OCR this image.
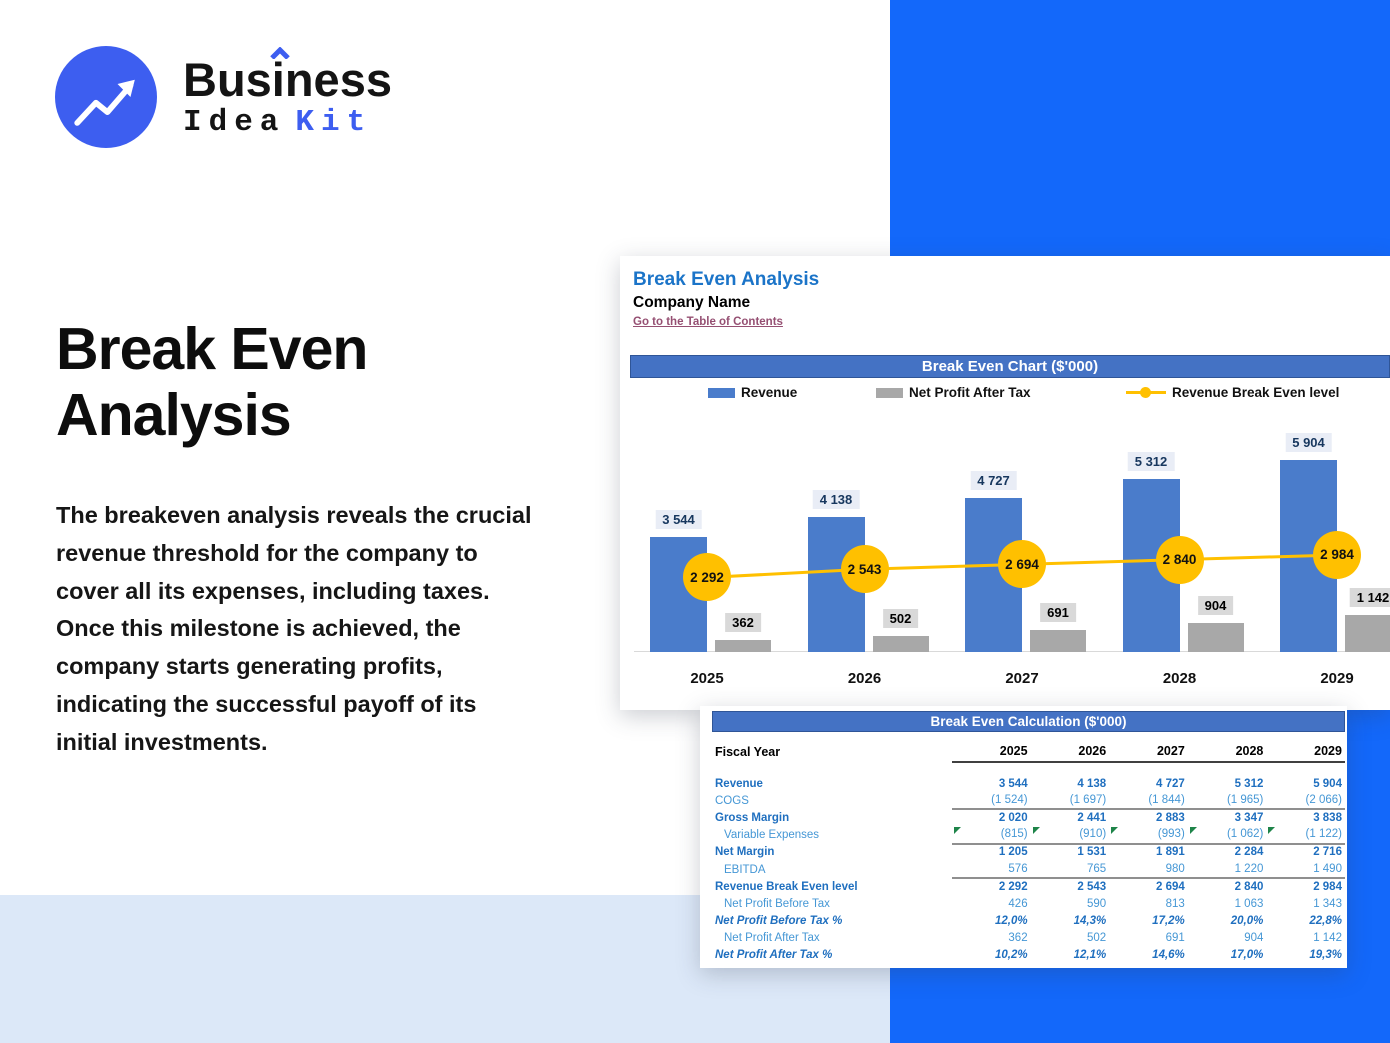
Business
Idea Kit
Break Even Analysis
The breakeven analysis reveals the crucial revenue threshold for the company to cover all its expenses, including taxes. Once this milestone is achieved, the company starts generating profits, indicating the successful payoff of its initial investments.
Break Even Analysis
Company Name
Go to the Table of Contents
Break Even Chart ($'000)
Revenue	Net Profit After Tax	Revenue Break Even level
3 544
362
2025
4 138
502
2026
4 727
691
2027
5 312
904
2028
5 904
1 142
2029
2 292
2 543	2 694	2 840	2 984
Break Even Calculation ($'000)
Fiscal Year	2025	2026	2027	2028	2029
Revenue	3 544	4 138	4 727	5 312	5 904
COGS	(1 524)	(1 697)	(1 844)	(1 965)	(2 066)
Gross Margin	2 020	2 441	2 883	3 347	3 838
Variable Expenses	(815)	(910)	(993)	(1 062)	(1 122)
Net Margin	1 205	1 531	1 891	2 284	2 716
EBITDA	576	765	980	1 220	1 490
Revenue Break Even level	2 292	2 543	2 694	2 840	2 984
Net Profit Before Tax	426	590	813	1 063	1 343
Net Profit Before Tax %	12,0%	14,3%	17,2%	20,0%	22,8%
Net Profit After Tax	362	502	691	904	1 142
Net Profit After Tax %	10,2%	12,1%	14,6%	17,0%	19,3%
